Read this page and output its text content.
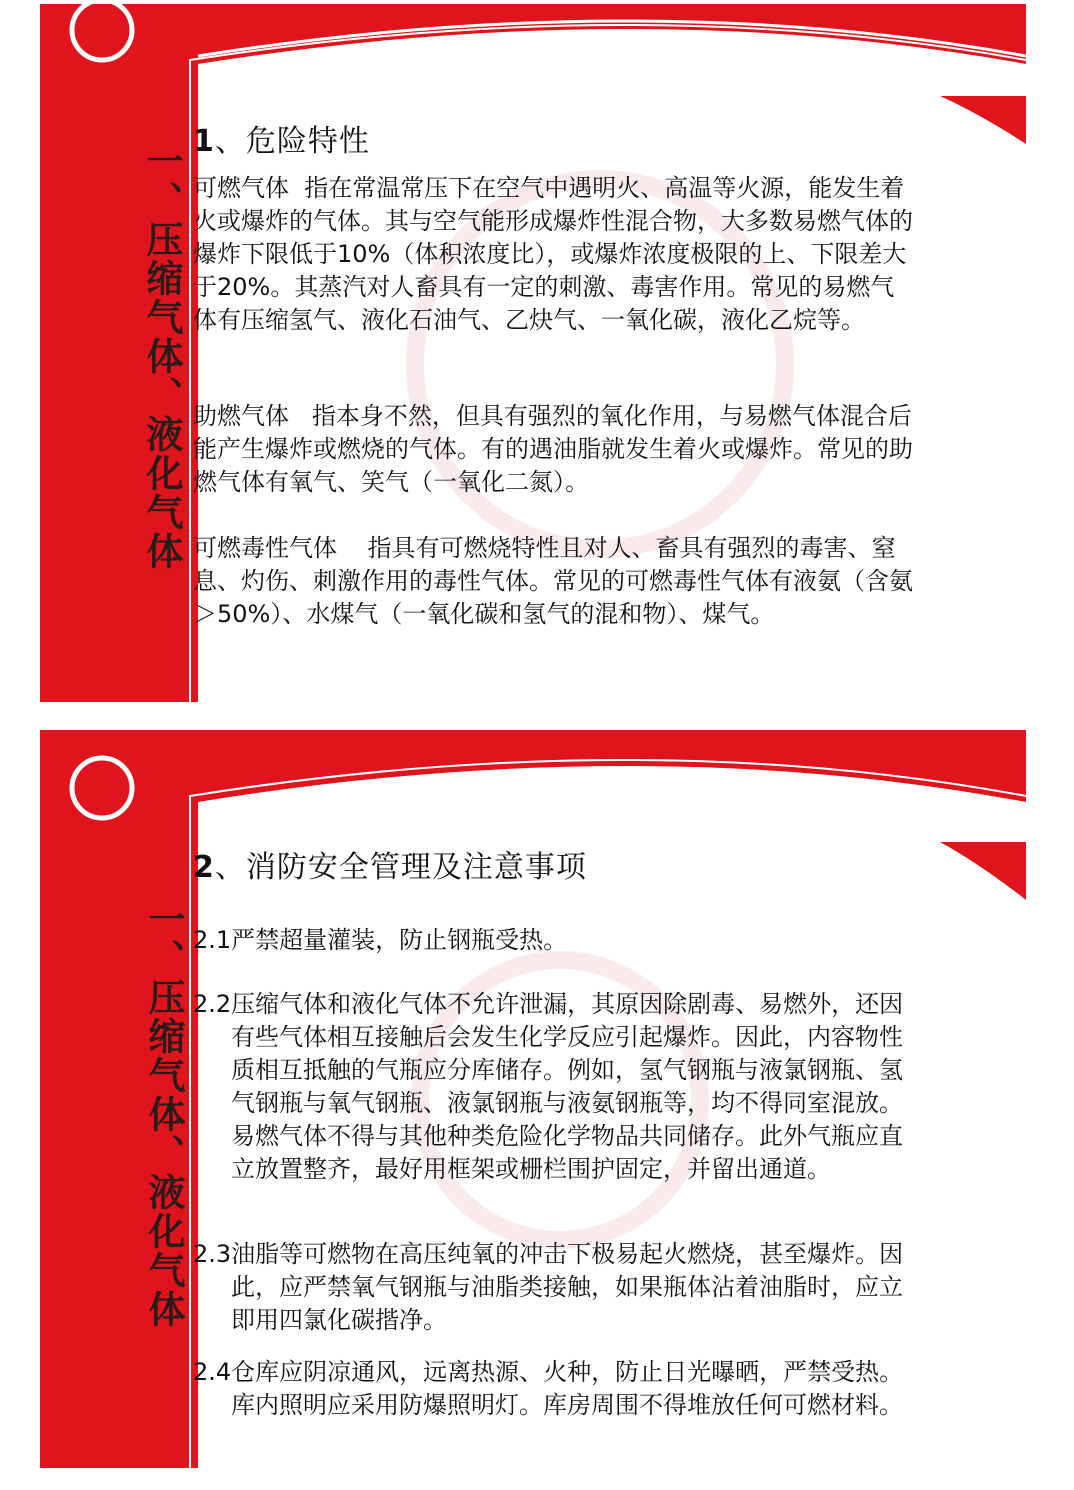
一、压缩气体、液化气体
1、危险特性

可燃气体  指在常温常压下在空气中遇明火、高温等火源，能发生着火或爆炸的气体。其与空气能形成爆炸性混合物，大多数易燃气体的爆炸下限低于10%（体积浓度比），或爆炸浓度极限的上、下限差大于20%。其蒸汽对人畜具有一定的刺激、毒害作用。常见的易燃气体有压缩氢气、液化石油气、乙炔气、一氧化碳，液化乙烷等。

助燃气体   指本身不然，但具有强烈的氧化作用，与易燃气体混合后能产生爆炸或燃烧的气体。有的遇油脂就发生着火或爆炸。常见的助燃气体有氧气、笑气（一氧化二氮）。

可燃毒性气体    指具有可燃烧特性且对人、畜具有强烈的毒害、窒息、灼伤、刺激作用的毒性气体。常见的可燃毒性气体有液氨（含氨＞50%）、水煤气（一氧化碳和氢气的混和物）、煤气。

一、压缩气体、液化气体
2、消防安全管理及注意事项

2.1严禁超量灌装，防止钢瓶受热。

2.2压缩气体和液化气体不允许泄漏，其原因除剧毒、易燃外，还因有些气体相互接触后会发生化学反应引起爆炸。因此，内容物性质相互抵触的气瓶应分库储存。例如，氢气钢瓶与液氯钢瓶、氢气钢瓶与氧气钢瓶、液氯钢瓶与液氨钢瓶等，均不得同室混放。易燃气体不得与其他种类危险化学物品共同储存。此外气瓶应直立放置整齐，最好用框架或栅栏围护固定，并留出通道。

2.3油脂等可燃物在高压纯氧的冲击下极易起火燃烧，甚至爆炸。因此，应严禁氧气钢瓶与油脂类接触，如果瓶体沾着油脂时，应立即用四氯化碳揩净。

2.4仓库应阴凉通风，远离热源、火种，防止日光曝晒，严禁受热。库内照明应采用防爆照明灯。库房周围不得堆放任何可燃材料。
